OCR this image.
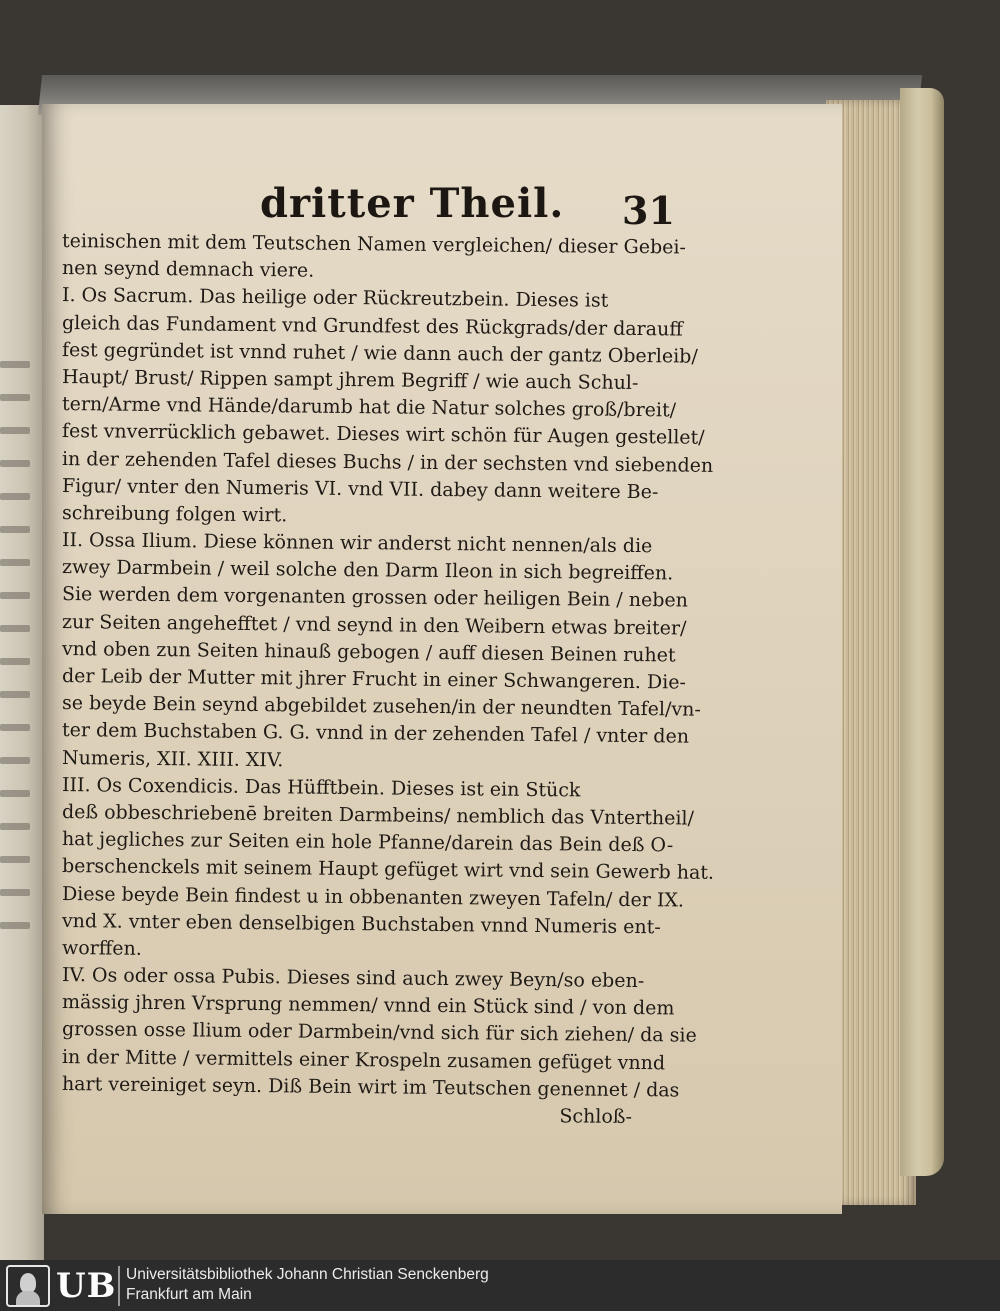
dritter Theil. 31
teinischen mit dem Teutschen Namen vergleichen/ dieser Gebei-
nen seynd demnach viere.
I. Os Sacrum. Das heilige oder Rückreutzbein. Dieses ist
gleich das Fundament vnd Grundfest des Rückgrads/der darauff
fest gegründet ist vnnd ruhet / wie dann auch der gantz Oberleib/
Haupt/ Brust/ Rippen sampt jhrem Begriff / wie auch Schul-
tern/Arme vnd Hände/darumb hat die Natur solches groß/breit/
fest vnverrücklich gebawet. Dieses wirt schön für Augen gestellet/
in der zehenden Tafel dieses Buchs / in der sechsten vnd siebenden
Figur/ vnter den Numeris VI. vnd VII. dabey dann weitere Be-
schreibung folgen wirt.
II. Ossa Ilium. Diese können wir anderst nicht nennen/als die
zwey Darmbein / weil solche den Darm Ileon in sich begreiffen.
Sie werden dem vorgenanten grossen oder heiligen Bein / neben
zur Seiten angehefftet / vnd seynd in den Weibern etwas breiter/
vnd oben zun Seiten hinauß gebogen / auff diesen Beinen ruhet
der Leib der Mutter mit jhrer Frucht in einer Schwangeren. Die-
se beyde Bein seynd abgebildet zusehen/in der neundten Tafel/vn-
ter dem Buchstaben G. G. vnnd in der zehenden Tafel / vnter den
Numeris, XII. XIII. XIV.
III. Os Coxendicis. Das Hüfftbein. Dieses ist ein Stück
deß obbeschriebenē breiten Darmbeins/ nemblich das Vntertheil/
hat jegliches zur Seiten ein hole Pfanne/darein das Bein deß O-
berschenckels mit seinem Haupt gefüget wirt vnd sein Gewerb hat.
Diese beyde Bein findest u in obbenanten zweyen Tafeln/ der IX.
vnd X. vnter eben denselbigen Buchstaben vnnd Numeris ent-
worffen.
IV. Os oder ossa Pubis. Dieses sind auch zwey Beyn/so eben-
mässig jhren Vrsprung nemmen/ vnnd ein Stück sind / von dem
grossen osse Ilium oder Darmbein/vnd sich für sich ziehen/ da sie
in der Mitte / vermittels einer Krospeln zusamen gefüget vnnd
hart vereiniget seyn. Diß Bein wirt im Teutschen genennet / das
Schloß-
UB Universitätsbibliothek Johann Christian Senckenberg
Frankfurt am Main
